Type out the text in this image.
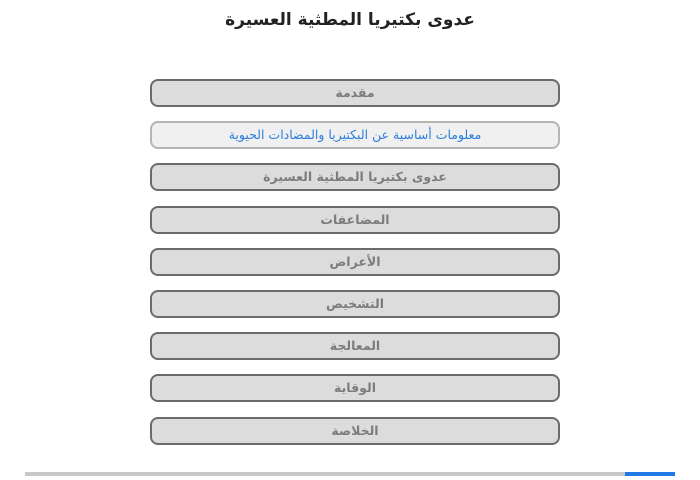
عدوى بكتيريا المطثية العسيرة
مقدمة
معلومات أساسية عن البكتيريا والمضادات الحيوية
عدوى بكتيريا المطثية العسيرة
المضاعفات
الأعراض
التشخيص
المعالجة
الوقاية
الخلاصة
